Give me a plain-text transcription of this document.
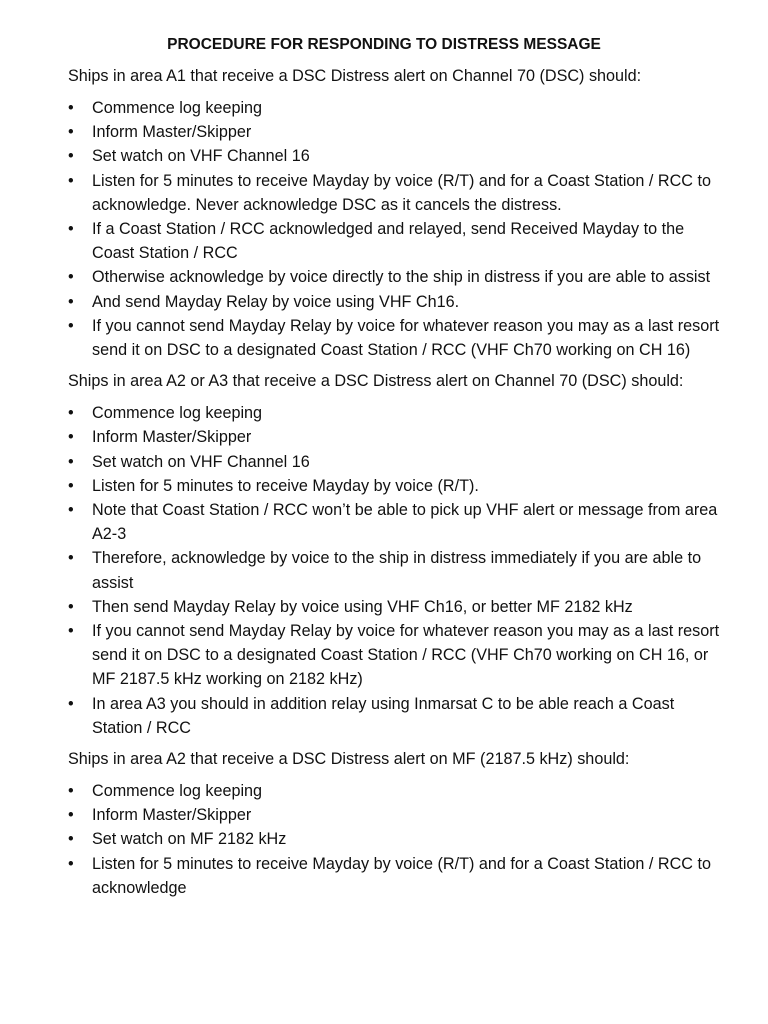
PROCEDURE FOR RESPONDING TO DISTRESS MESSAGE

Ships in area A1 that receive a DSC Distress alert on Channel 70 (DSC) should:

•	Commence log keeping
•	Inform Master/Skipper
•	Set watch on VHF Channel 16
•	Listen for 5 minutes to receive Mayday by voice (R/T) and for a Coast Station / RCC to acknowledge. Never acknowledge DSC as it cancels the distress.
•	If a Coast Station / RCC acknowledged and relayed, send Received Mayday to the Coast Station / RCC
•	Otherwise acknowledge by voice directly to the ship in distress if you are able to assist
•	And send Mayday Relay by voice using VHF Ch16.
•	If you cannot send Mayday Relay by voice for whatever reason you may as a last resort send it on DSC to a designated Coast Station / RCC (VHF Ch70 working on CH 16)

Ships in area A2 or A3 that receive a DSC Distress alert on Channel 70 (DSC) should:

•	Commence log keeping
•	Inform Master/Skipper
•	Set watch on VHF Channel 16
•	Listen for 5 minutes to receive Mayday by voice (R/T).
•	Note that Coast Station / RCC won’t be able to pick up VHF alert or message from area A2-3
•	Therefore, acknowledge by voice to the ship in distress immediately if you are able to assist
•	Then send Mayday Relay by voice using VHF Ch16, or better MF 2182 kHz
•	If you cannot send Mayday Relay by voice for whatever reason you may as a last resort send it on DSC to a designated Coast Station / RCC (VHF Ch70 working on CH 16, or MF 2187.5 kHz working on 2182 kHz)
•	In area A3 you should in addition relay using Inmarsat C to be able reach a Coast Station / RCC

Ships in area A2 that receive a DSC Distress alert on MF (2187.5 kHz) should:

•	Commence log keeping
•	Inform Master/Skipper
•	Set watch on MF 2182 kHz
•	Listen for 5 minutes to receive Mayday by voice (R/T) and for a Coast Station / RCC to acknowledge
